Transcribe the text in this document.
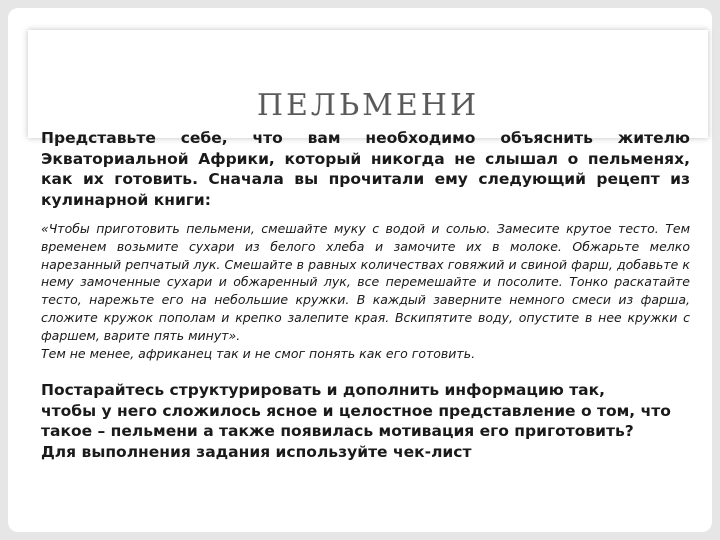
ПЕЛЬМЕНИ

Представьте себе, что вам необходимо объяснить жителю Экваториальной Африки, который никогда не слышал о пельменях, как их готовить. Сначала вы прочитали ему следующий рецепт из кулинарной книги:

«Чтобы приготовить пельмени, смешайте муку с водой и солью. Замесите крутое тесто. Тем временем возьмите сухари из белого хлеба и замочите их в молоке. Обжарьте мелко нарезанный репчатый лук. Смешайте в равных количествах говяжий и свиной фарш, добавьте к нему замоченные сухари и обжаренный лук, все перемешайте и посолите. Тонко раскатайте тесто, нарежьте его на небольшие кружки. В каждый заверните немного смеси из фарша, сложите кружок пополам и крепко залепите края. Вскипятите воду, опустите в нее кружки с фаршем, варите пять минут».

Тем не менее, африканец так и не смог понять как его готовить.

Постарайтесь структурировать и дополнить информацию так,
чтобы у него сложилось ясное и целостное представление о том, что
такое – пельмени а также появилась мотивация его приготовить?
Для выполнения задания используйте чек-лист
